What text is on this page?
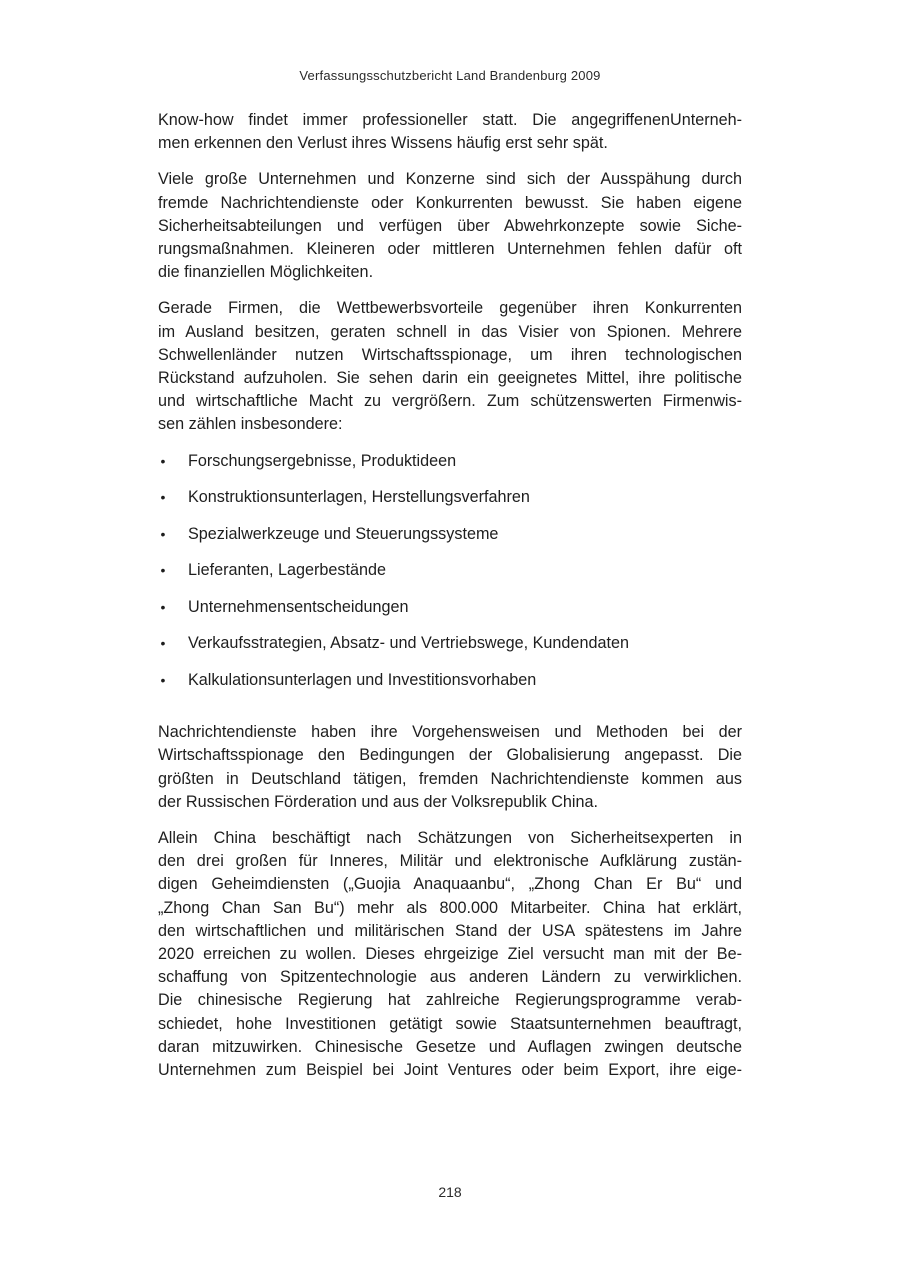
Verfassungsschutzbericht Land Brandenburg 2009

Know-how findet immer professioneller statt. Die angegriffenenUnterneh-
men erkennen den Verlust ihres Wissens häufig erst sehr spät.

Viele große Unternehmen und Konzerne sind sich der Ausspähung durch
fremde Nachrichtendienste oder Konkurrenten bewusst. Sie haben eigene
Sicherheitsabteilungen und verfügen über Abwehrkonzepte sowie Siche-
rungsmaßnahmen. Kleineren oder mittleren Unternehmen fehlen dafür oft
die finanziellen Möglichkeiten.

Gerade Firmen, die Wettbewerbsvorteile gegenüber ihren Konkurrenten
im Ausland besitzen, geraten schnell in das Visier von Spionen. Mehrere
Schwellenländer nutzen Wirtschaftsspionage, um ihren technologischen
Rückstand aufzuholen. Sie sehen darin ein geeignetes Mittel, ihre politische
und wirtschaftliche Macht zu vergrößern. Zum schützenswerten Firmenwis-
sen zählen insbesondere:

• Forschungsergebnisse, Produktideen
• Konstruktionsunterlagen, Herstellungsverfahren
• Spezialwerkzeuge und Steuerungssysteme
• Lieferanten, Lagerbestände
• Unternehmensentscheidungen
• Verkaufsstrategien, Absatz- und Vertriebswege, Kundendaten
• Kalkulationsunterlagen und Investitionsvorhaben

Nachrichtendienste haben ihre Vorgehensweisen und Methoden bei der
Wirtschaftsspionage den Bedingungen der Globalisierung angepasst. Die
größten in Deutschland tätigen, fremden Nachrichtendienste kommen aus
der Russischen Förderation und aus der Volksrepublik China.

Allein China beschäftigt nach Schätzungen von Sicherheitsexperten in
den drei großen für Inneres, Militär und elektronische Aufklärung zustän-
digen Geheimdiensten („Guojia Anaquaanbu“, „Zhong Chan Er Bu“ und
„Zhong Chan San Bu“) mehr als 800.000 Mitarbeiter. China hat erklärt,
den wirtschaftlichen und militärischen Stand der USA spätestens im Jahre
2020 erreichen zu wollen. Dieses ehrgeizige Ziel versucht man mit der Be-
schaffung von Spitzentechnologie aus anderen Ländern zu verwirklichen.
Die chinesische Regierung hat zahlreiche Regierungsprogramme verab-
schiedet, hohe Investitionen getätigt sowie Staatsunternehmen beauftragt,
daran mitzuwirken. Chinesische Gesetze und Auflagen zwingen deutsche
Unternehmen zum Beispiel bei Joint Ventures oder beim Export, ihre eige-

218
